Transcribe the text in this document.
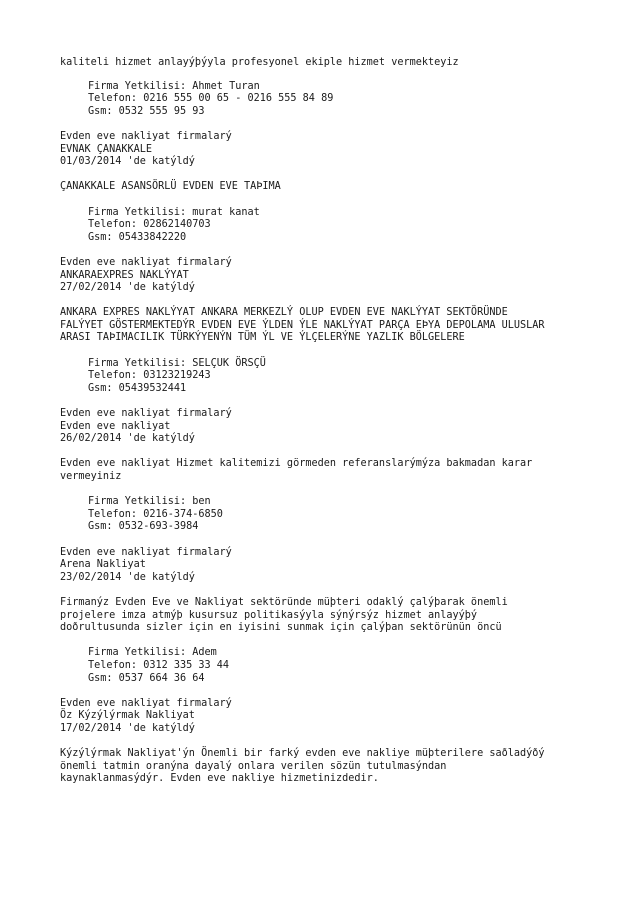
kaliteli hizmet anlayýþýyla profesyonel ekiple hizmet vermekteyiz
Firma Yetkilisi: Ahmet Turan
Telefon: 0216 555 00 65 - 0216 555 84 89
Gsm: 0532 555 95 93
Evden eve nakliyat firmalarý
EVNAK ÇANAKKALE
01/03/2014 'de katýldý
ÇANAKKALE ASANSÖRLÜ EVDEN EVE TAÞIMA
Firma Yetkilisi: murat kanat
Telefon: 02862140703
Gsm: 05433842220
Evden eve nakliyat firmalarý
ANKARAEXPRES NAKLÝYAT
27/02/2014 'de katýldý
ANKARA EXPRES NAKLÝYAT ANKARA MERKEZLÝ OLUP EVDEN EVE NAKLÝYAT SEKTÖRÜNDE
FALÝYET GÖSTERMEKTEDÝR EVDEN EVE ÝLDEN ÝLE NAKLÝYAT PARÇA EÞYA DEPOLAMA ULUSLAR
ARASI TAÞIMACILIK TÜRKÝYENÝN TÜM ÝL VE ÝLÇELERÝNE YAZLIK BÖLGELERE
Firma Yetkilisi: SELÇUK ÖRSÇÜ
Telefon: 03123219243
Gsm: 05439532441
Evden eve nakliyat firmalarý
Evden eve nakliyat
26/02/2014 'de katýldý
Evden eve nakliyat Hizmet kalitemizi görmeden referanslarýmýza bakmadan karar
vermeyiniz
Firma Yetkilisi: ben
Telefon: 0216-374-6850
Gsm: 0532-693-3984
Evden eve nakliyat firmalarý
Arena Nakliyat
23/02/2014 'de katýldý
Firmanýz Evden Eve ve Nakliyat sektöründe müþteri odaklý çalýþarak önemli
projelere imza atmýþ kusursuz politikasýyla sýnýrsýz hizmet anlayýþý
doðrultusunda sizler için en iyisini sunmak için çalýþan sektörünün öncü
Firma Yetkilisi: Adem
Telefon: 0312 335 33 44
Gsm: 0537 664 36 64
Evden eve nakliyat firmalarý
Öz Kýzýlýrmak Nakliyat
17/02/2014 'de katýldý
Kýzýlýrmak Nakliyat'ýn Önemli bir farký evden eve nakliye müþterilere saðladýðý
önemli tatmin oranýna dayalý onlara verilen sözün tutulmasýndan
kaynaklanmasýdýr. Evden eve nakliye hizmetinizdedir.
